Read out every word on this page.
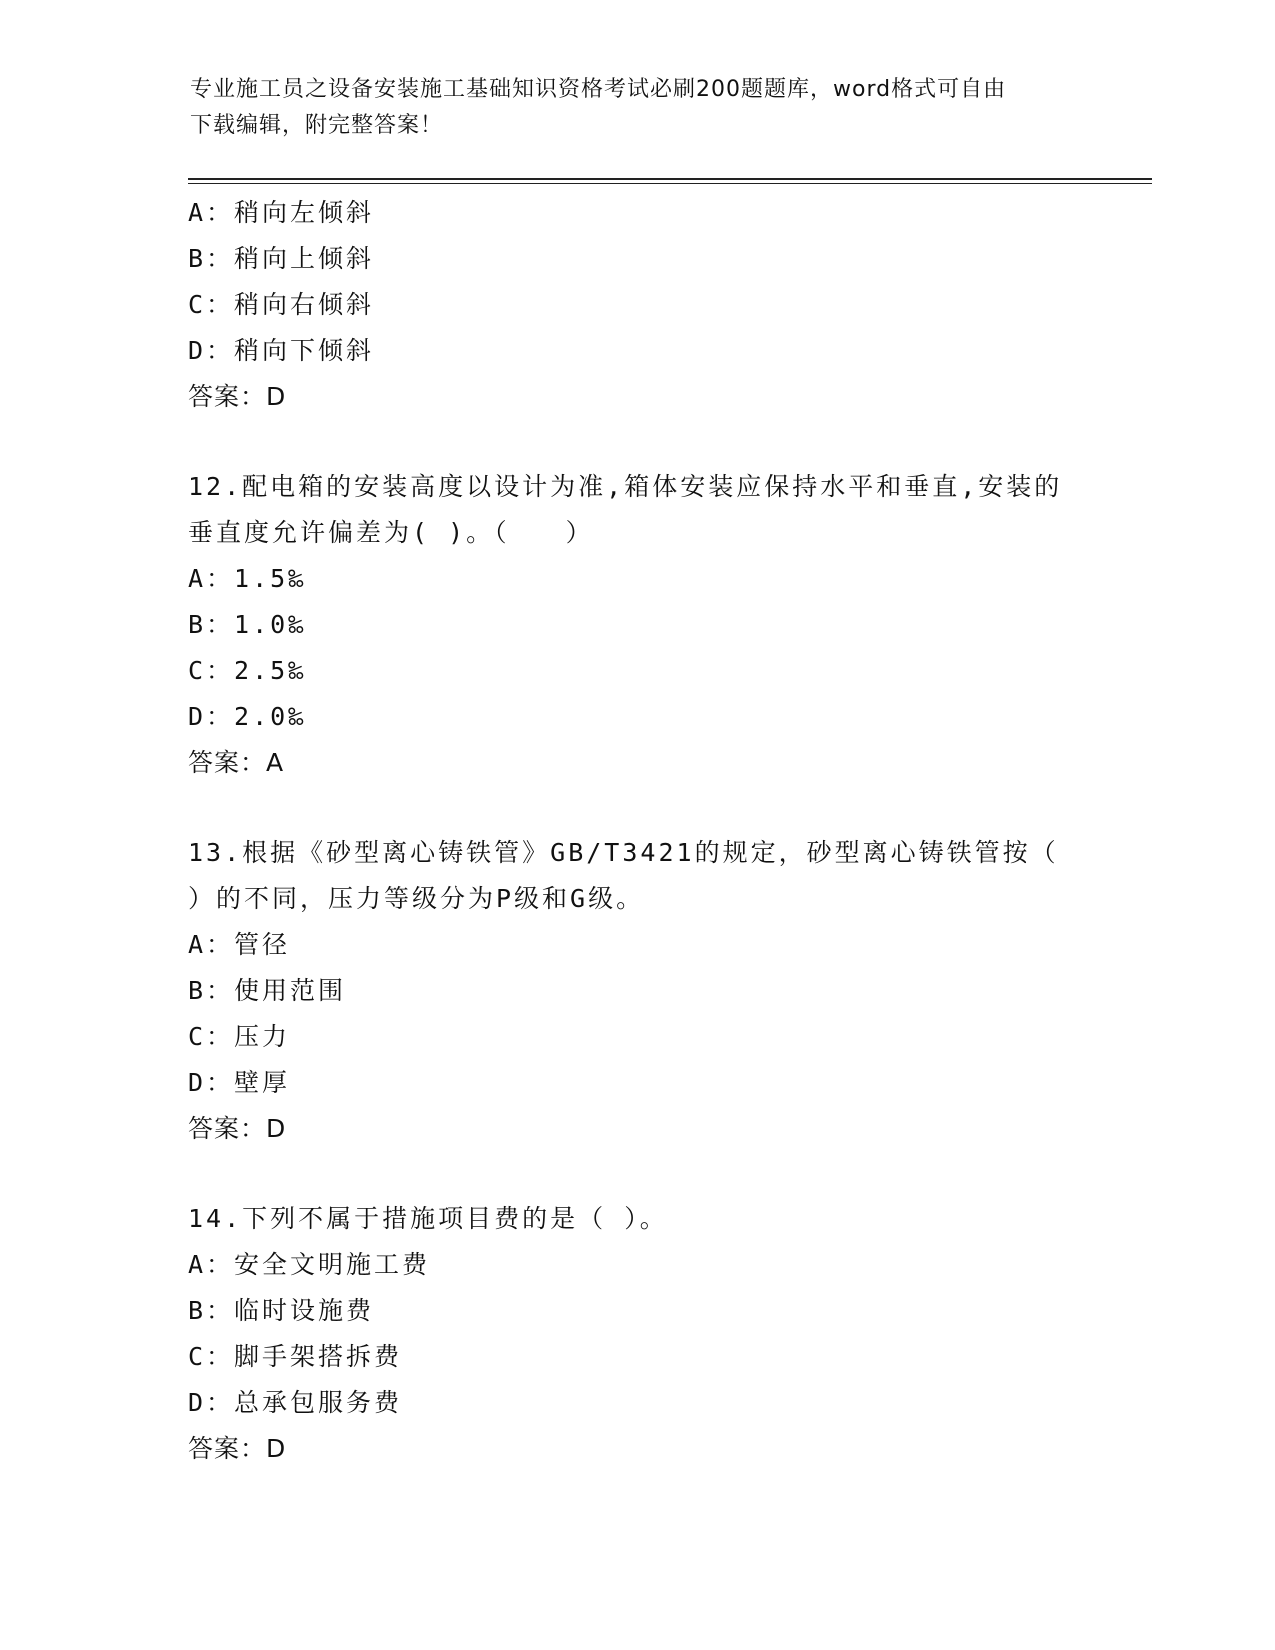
专业施工员之设备安装施工基础知识资格考试必刷200题题库，word格式可自由
下载编辑，附完整答案！
A：稍向左倾斜
B：稍向上倾斜
C：稍向右倾斜
D：稍向下倾斜
答案：D
12.配电箱的安装高度以设计为准,箱体安装应保持水平和垂直,安装的
垂直度允许偏差为( )。（　　）
A：1.5‰
B：1.0‰
C：2.5‰
D：2.0‰
答案：A
13.根据《砂型离心铸铁管》GB/T3421的规定，砂型离心铸铁管按（
）的不同，压力等级分为P级和G级。
A：管径
B：使用范围
C：压力
D：壁厚
答案：D
14.下列不属于措施项目费的是（ ）。
A：安全文明施工费
B：临时设施费
C：脚手架搭拆费
D：总承包服务费
答案：D
